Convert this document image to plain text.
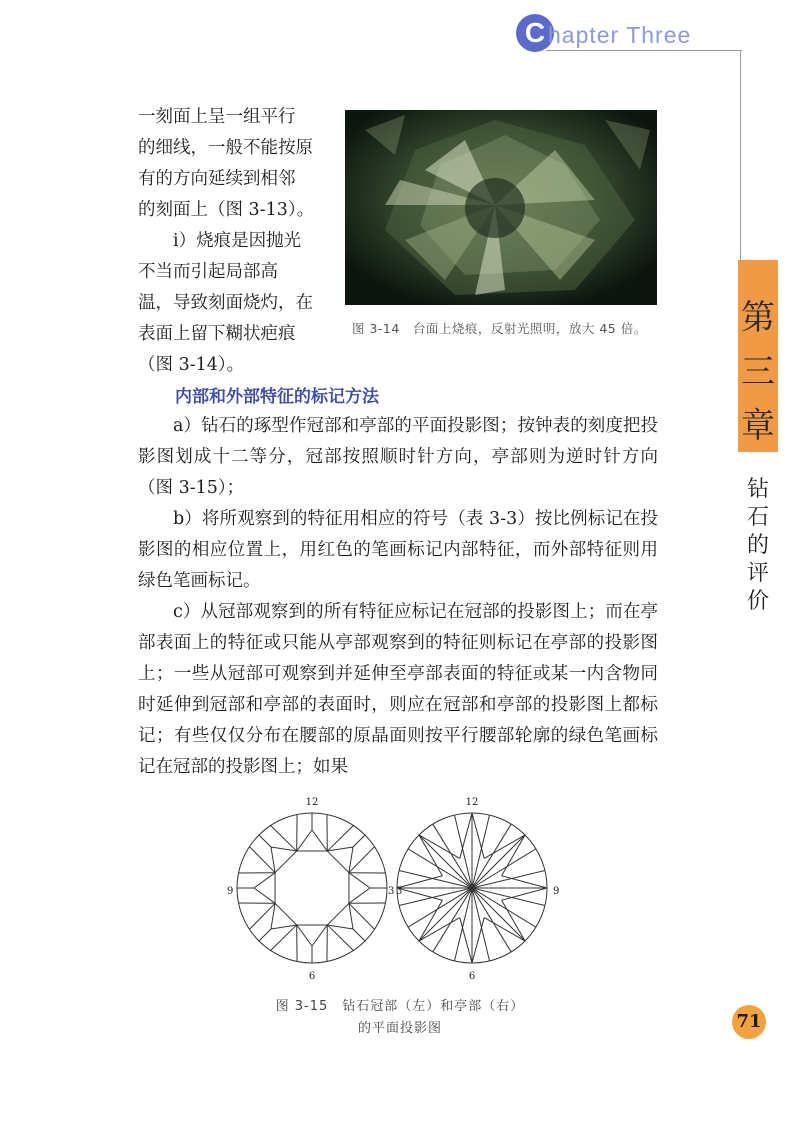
C hapter Three
第
三
章
钻
石
的
评
价

一刻面上呈一组平行
的细线，一般不能按原
有的方向延续到相邻
的刻面上（图 3-13）。

i）烧痕是因抛光
不当而引起局部高
温，导致刻面烧灼，在
表面上留下糊状疤痕
（图 3-14）。

图 3-14　台面上烧痕，反射光照明，放大 45 倍。
内部和外部特征的标记方法

a）钻石的琢型作冠部和亭部的平面投影图；按钟表的刻度把投影图划成十二等分，冠部按照顺时针方向，亭部则为逆时针方向（图 3-15）；

b）将所观察到的特征用相应的符号（表 3-3）按比例标记在投影图的相应位置上，用红色的笔画标记内部特征，而外部特征则用绿色笔画标记。

c）从冠部观察到的所有特征应标记在冠部的投影图上；而在亭部表面上的特征或只能从亭部观察到的特征则标记在亭部的投影图上；一些从冠部可观察到并延伸至亭部表面的特征或某一内含物同时延伸到冠部和亭部的表面时，则应在冠部和亭部的投影图上都标记；有些仅仅分布在腰部的原晶面则按平行腰部轮廓的绿色笔画标记在冠部的投影图上；如果

12
9	3
6
12
3	9
6
图 3-15　钻石冠部（左）和亭部（右）
的平面投影图	71
